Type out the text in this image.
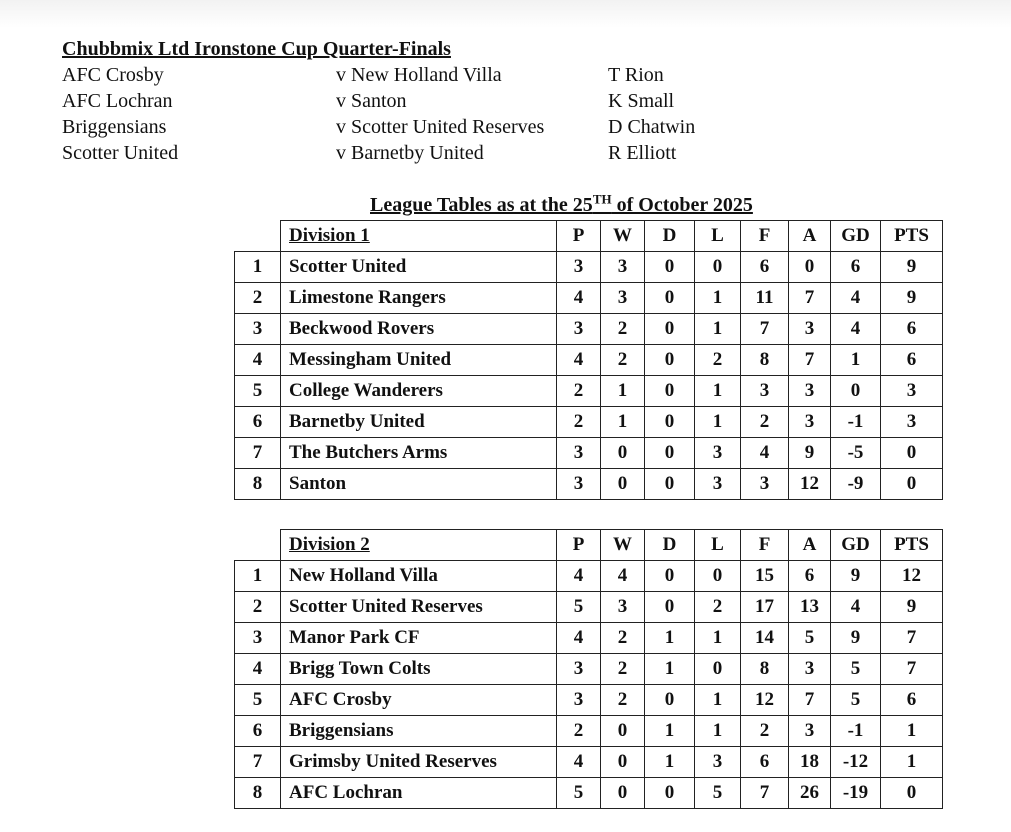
Chubbmix Ltd Ironstone Cup Quarter-Finals
AFC Crosby	v New Holland Villa	T Rion
AFC Lochran	v Santon	K Small
Briggensians	v Scotter United Reserves	D Chatwin
Scotter United	v Barnetby United	R Elliott
League Tables as at the 25TH of October 2025
	Division 1	P	W	D	L	F	A	GD	PTS
1	Scotter United	3	3	0	0	6	0	6	9
2	Limestone Rangers	4	3	0	1	11	7	4	9
3	Beckwood Rovers	3	2	0	1	7	3	4	6
4	Messingham United	4	2	0	2	8	7	1	6
5	College Wanderers	2	1	0	1	3	3	0	3
6	Barnetby United	2	1	0	1	2	3	-1	3
7	The Butchers Arms	3	0	0	3	4	9	-5	0
8	Santon	3	0	0	3	3	12	-9	0
	Division 2	P	W	D	L	F	A	GD	PTS
1	New Holland Villa	4	4	0	0	15	6	9	12
2	Scotter United Reserves	5	3	0	2	17	13	4	9
3	Manor Park CF	4	2	1	1	14	5	9	7
4	Brigg Town Colts	3	2	1	0	8	3	5	7
5	AFC Crosby	3	2	0	1	12	7	5	6
6	Briggensians	2	0	1	1	2	3	-1	1
7	Grimsby United Reserves	4	0	1	3	6	18	-12	1
8	AFC Lochran	5	0	0	5	7	26	-19	0
